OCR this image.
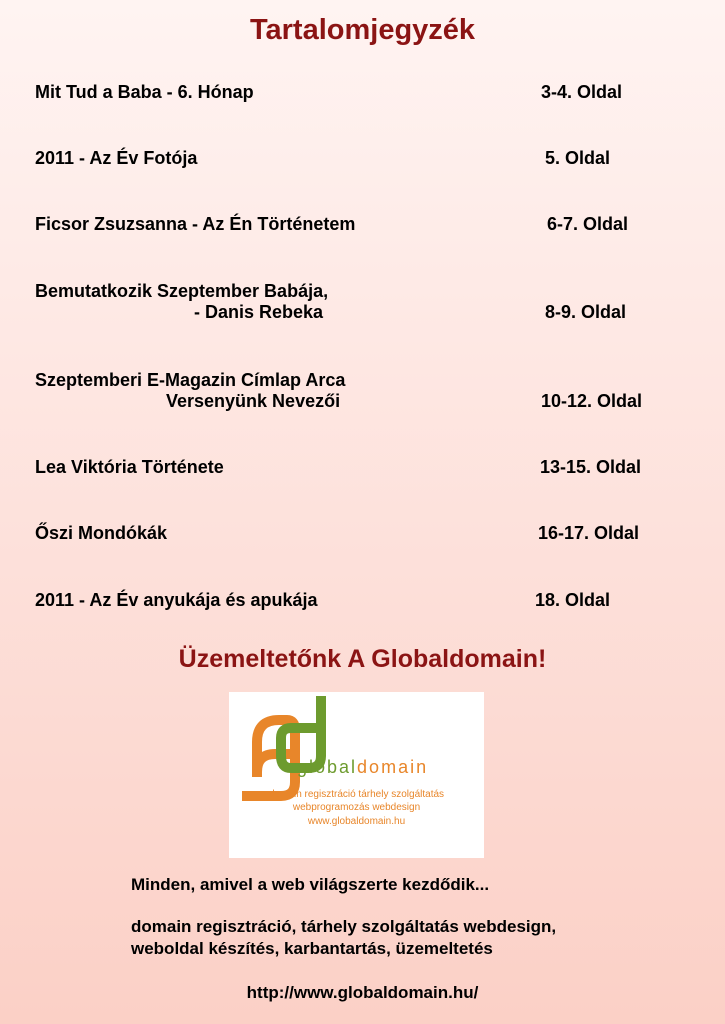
Tartalomjegyzék
Mit Tud a Baba - 6. Hónap	3-4. Oldal
2011 - Az Év Fotója	5. Oldal
Ficsor Zsuzsanna - Az Én Történetem	6-7. Oldal
Bemutatkozik Szeptember Babája,
- Danis Rebeka	8-9. Oldal
Szeptemberi E-Magazin Címlap Arca
Versenyünk Nevezői	10-12. Oldal
Lea Viktória Története	13-15. Oldal
Őszi Mondókák	16-17. Oldal
2011 - Az Év anyukája és apukája	18. Oldal
Üzemeltetőnk A Globaldomain!
globaldomain
domain regisztráció tárhely szolgáltatás
webprogramozás webdesign
www.globaldomain.hu
Minden, amivel a web világszerte kezdődik...
domain regisztráció, tárhely szolgáltatás webdesign,
weboldal készítés, karbantartás, üzemeltetés
http://www.globaldomain.hu/
